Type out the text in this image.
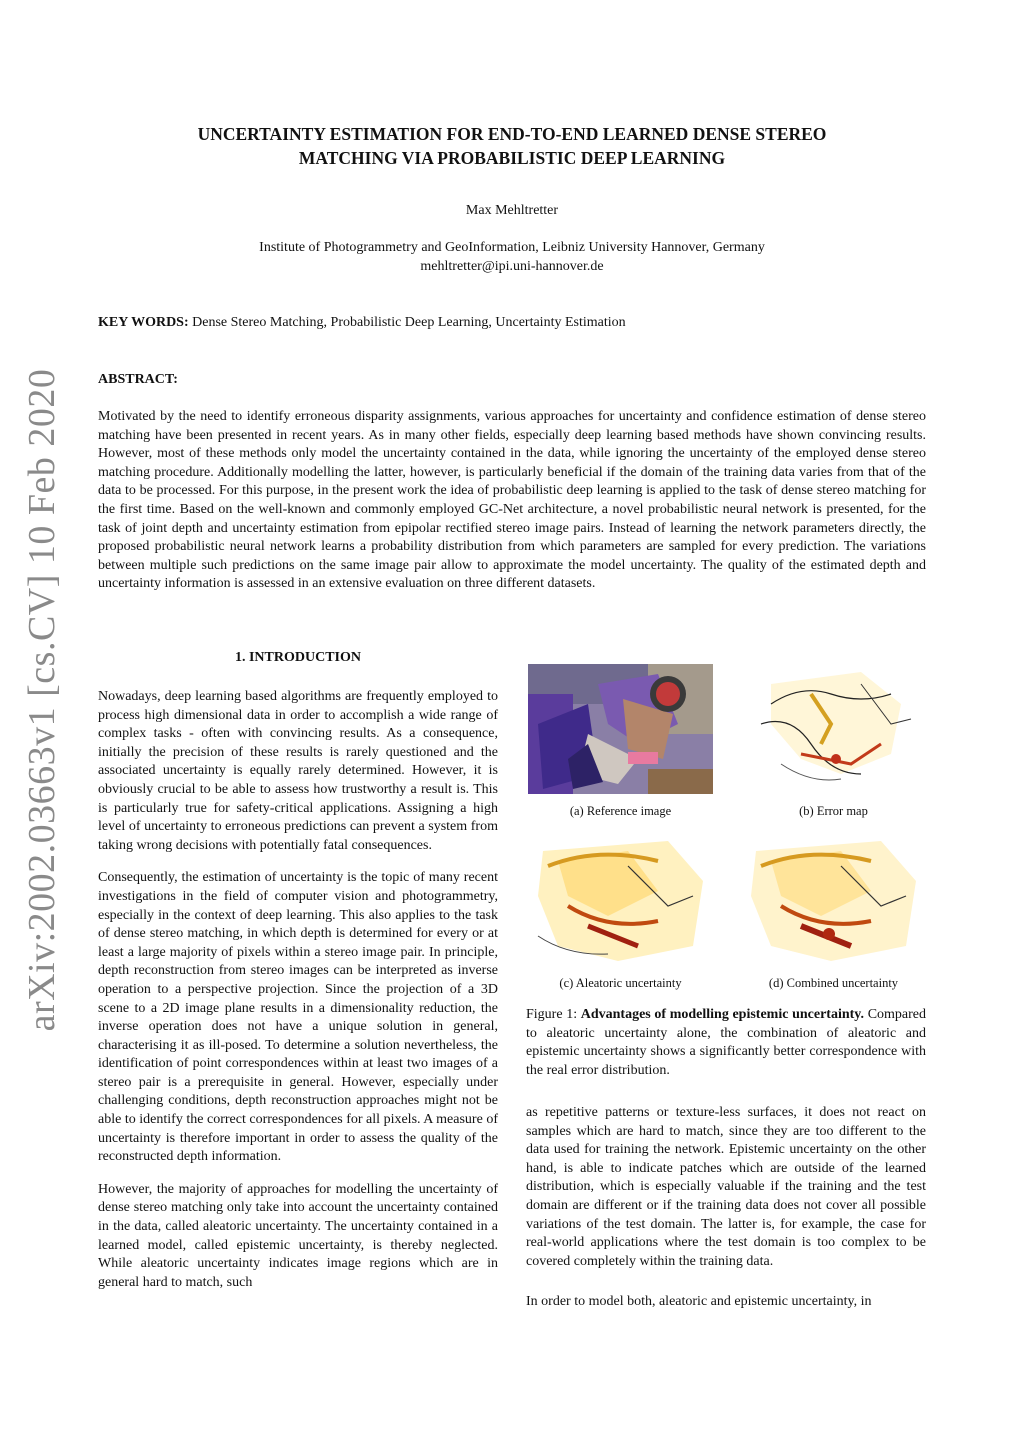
arXiv:2002.03663v1 [cs.CV] 10 Feb 2020
UNCERTAINTY ESTIMATION FOR END-TO-END LEARNED DENSE STEREO
MATCHING VIA PROBABILISTIC DEEP LEARNING
Max Mehltretter
Institute of Photogrammetry and GeoInformation, Leibniz University Hannover, Germany
mehltretter@ipi.uni-hannover.de
KEY WORDS: Dense Stereo Matching, Probabilistic Deep Learning, Uncertainty Estimation
ABSTRACT:

Motivated by the need to identify erroneous disparity assignments, various approaches for uncertainty and confidence estimation of dense stereo matching have been presented in recent years. As in many other fields, especially deep learning based methods have shown convincing results. However, most of these methods only model the uncertainty contained in the data, while ignoring the uncertainty of the employed dense stereo matching procedure. Additionally modelling the latter, however, is particularly beneficial if the domain of the training data varies from that of the data to be processed. For this purpose, in the present work the idea of probabilistic deep learning is applied to the task of dense stereo matching for the first time. Based on the well-known and commonly employed GC-Net architecture, a novel probabilistic neural network is presented, for the task of joint depth and uncertainty estimation from epipolar rectified stereo image pairs. Instead of learning the network parameters directly, the proposed probabilistic neural network learns a probability distribution from which parameters are sampled for every prediction. The variations between multiple such predictions on the same image pair allow to approximate the model uncertainty. The quality of the estimated depth and uncertainty information is assessed in an extensive evaluation on three different datasets.

1. INTRODUCTION

Nowadays, deep learning based algorithms are frequently employed to process high dimensional data in order to accomplish a wide range of complex tasks - often with convincing results. As a consequence, initially the precision of these results is rarely questioned and the associated uncertainty is equally rarely determined. However, it is obviously crucial to be able to assess how trustworthy a result is. This is particularly true for safety-critical applications. Assigning a high level of uncertainty to erroneous predictions can prevent a system from taking wrong decisions with potentially fatal consequences.

Consequently, the estimation of uncertainty is the topic of many recent investigations in the field of computer vision and photogrammetry, especially in the context of deep learning. This also applies to the task of dense stereo matching, in which depth is determined for every or at least a large majority of pixels within a stereo image pair. In principle, depth reconstruction from stereo images can be interpreted as inverse operation to a perspective projection. Since the projection of a 3D scene to a 2D image plane results in a dimensionality reduction, the inverse operation does not have a unique solution in general, characterising it as ill-posed. To determine a solution nevertheless, the identification of point correspondences within at least two images of a stereo pair is a prerequisite in general. However, especially under challenging conditions, depth reconstruction approaches might not be able to identify the correct correspondences for all pixels. A measure of uncertainty is therefore important in order to assess the quality of the reconstructed depth information.

However, the majority of approaches for modelling the uncertainty of dense stereo matching only take into account the uncertainty contained in the data, called aleatoric uncertainty. The uncertainty contained in a learned model, called epistemic uncertainty, is thereby neglected. While aleatoric uncertainty indicates image regions which are in general hard to match, such

(a) Reference image	(b) Error map
(c) Aleatoric uncertainty	(d) Combined uncertainty

Figure 1: Advantages of modelling epistemic uncertainty. Compared to aleatoric uncertainty alone, the combination of aleatoric and epistemic uncertainty shows a significantly better correspondence with the real error distribution.

as repetitive patterns or texture-less surfaces, it does not react on samples which are hard to match, since they are too different to the data used for training the network. Epistemic uncertainty on the other hand, is able to indicate patches which are outside of the learned distribution, which is especially valuable if the training and the test domain are different or if the training data does not cover all possible variations of the test domain. The latter is, for example, the case for real-world applications where the test domain is too complex to be covered completely within the training data.

In order to model both, aleatoric and epistemic uncertainty, in
